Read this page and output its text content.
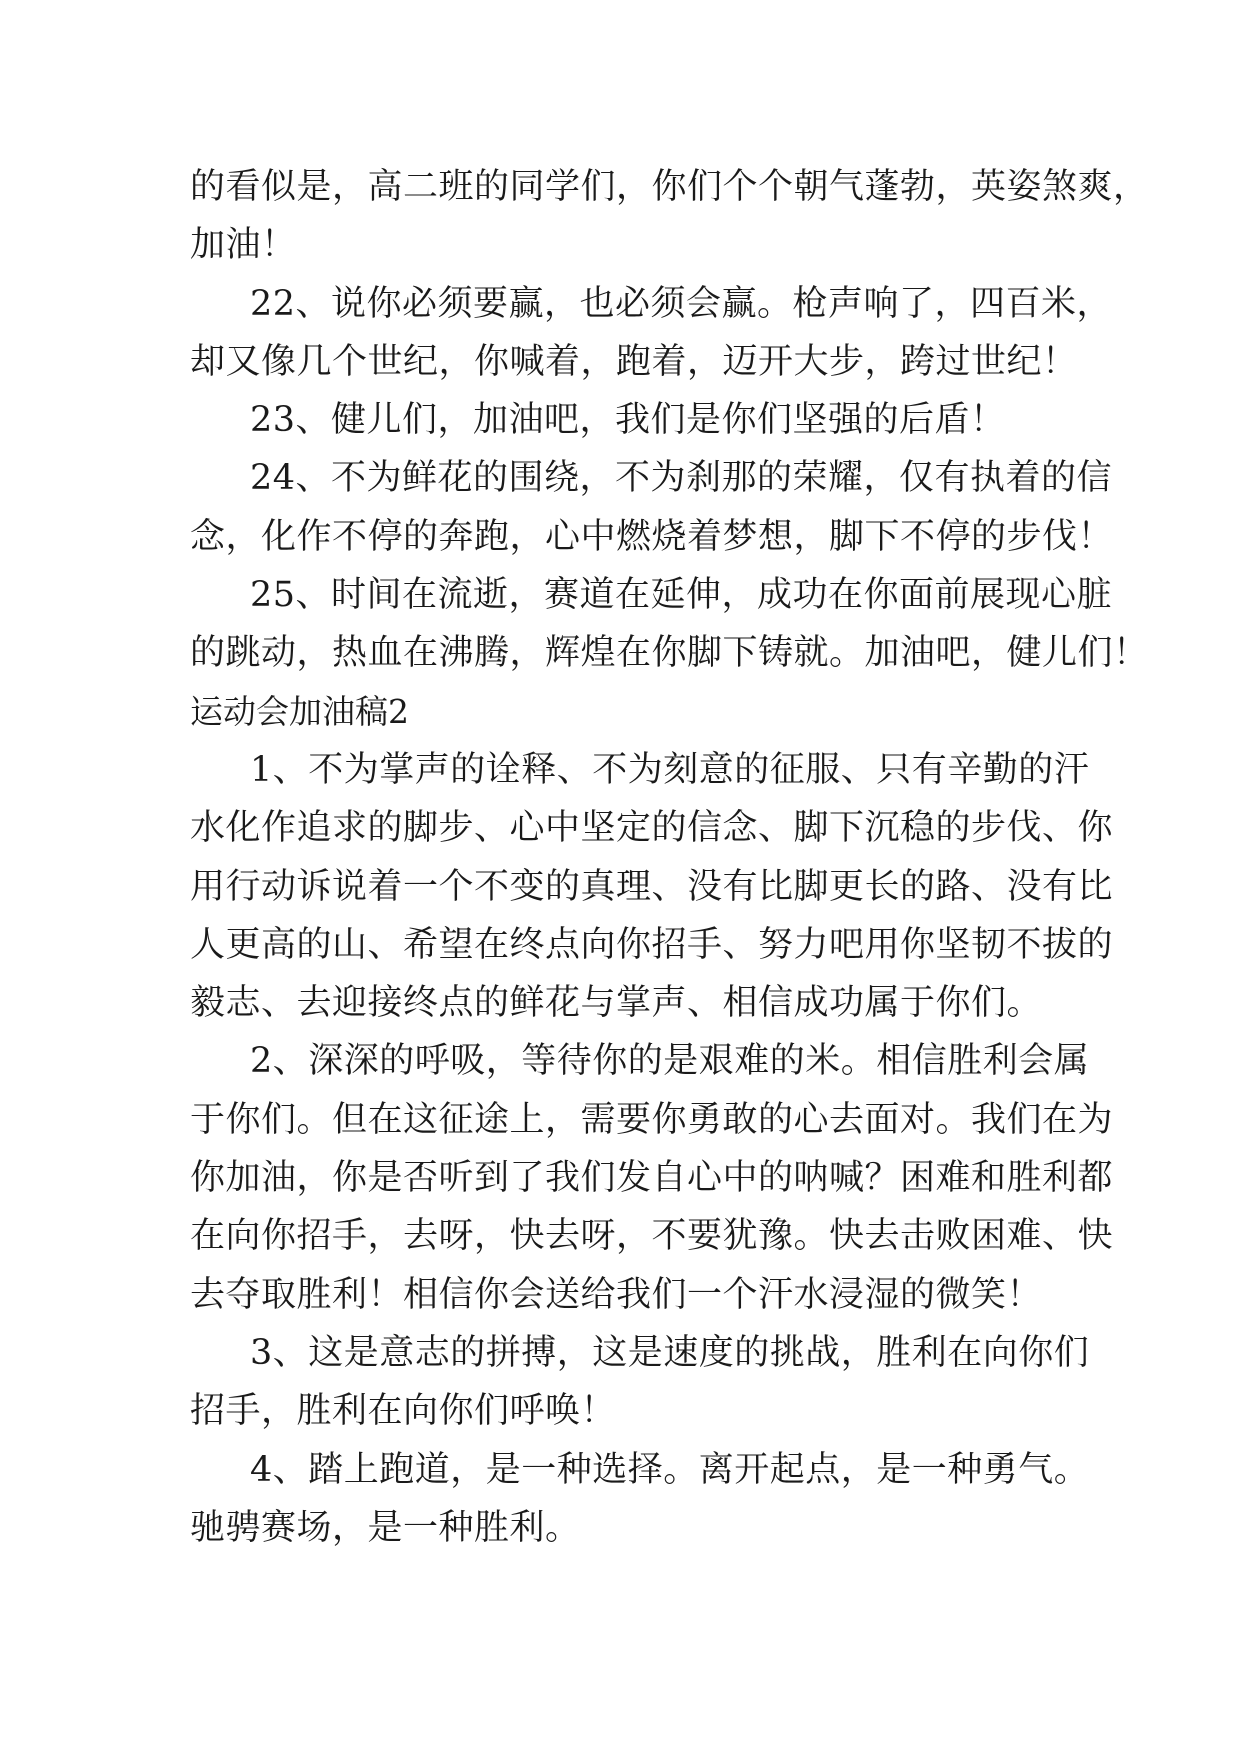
的看似是，高二班的同学们，你们个个朝气蓬勃，英姿煞爽，
加油！
22、说你必须要赢，也必须会赢。枪声响了，四百米，
却又像几个世纪，你喊着，跑着，迈开大步，跨过世纪！
23、健儿们，加油吧，我们是你们坚强的后盾！
24、不为鲜花的围绕，不为刹那的荣耀，仅有执着的信
念，化作不停的奔跑，心中燃烧着梦想，脚下不停的步伐！
25、时间在流逝，赛道在延伸，成功在你面前展现心脏
的跳动，热血在沸腾，辉煌在你脚下铸就。加油吧，健儿们！
运动会加油稿2
1、不为掌声的诠释、不为刻意的征服、只有辛勤的汗
水化作追求的脚步、心中坚定的信念、脚下沉稳的步伐、你
用行动诉说着一个不变的真理、没有比脚更长的路、没有比
人更高的山、希望在终点向你招手、努力吧用你坚韧不拔的
毅志、去迎接终点的鲜花与掌声、相信成功属于你们。
2、深深的呼吸，等待你的是艰难的米。相信胜利会属
于你们。但在这征途上，需要你勇敢的心去面对。我们在为
你加油，你是否听到了我们发自心中的呐喊？困难和胜利都
在向你招手，去呀，快去呀，不要犹豫。快去击败困难、快
去夺取胜利！相信你会送给我们一个汗水浸湿的微笑！
3、这是意志的拼搏，这是速度的挑战，胜利在向你们
招手，胜利在向你们呼唤！
4、踏上跑道，是一种选择。离开起点，是一种勇气。
驰骋赛场，是一种胜利。
